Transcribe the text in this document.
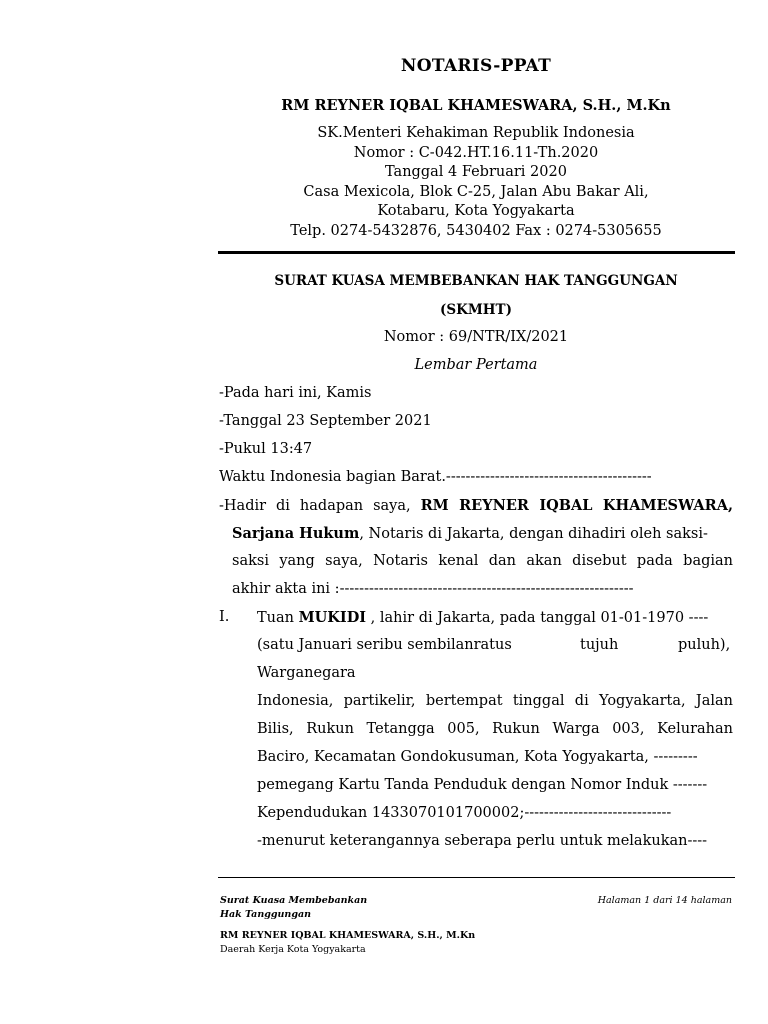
NOTARIS-PPAT
RM REYNER IQBAL KHAMESWARA, S.H., M.Kn
SK.Menteri Kehakiman Republik Indonesia
Nomor : C-042.HT.16.11-Th.2020
Tanggal 4 Februari 2020
Casa Mexicola, Blok C-25, Jalan Abu Bakar Ali,
Kotabaru, Kota Yogyakarta
Telp. 0274-5432876, 5430402 Fax : 0274-5305655
SURAT KUASA MEMBEBANKAN HAK TANGGUNGAN
(SKMHT)
Nomor : 69/NTR/IX/2021
Lembar Pertama
-Pada hari ini, Kamis
-Tanggal 23 September 2021
-Pukul 13:47
Waktu Indonesia bagian Barat.------------------------------------------
-Hadir di hadapan saya, RM REYNER IQBAL KHAMESWARA,
Sarjana Hukum, Notaris di Jakarta, dengan dihadiri oleh saksi-
saksi yang saya, Notaris kenal dan akan disebut pada bagian
akhir akta ini :------------------------------------------------------------
I. Tuan MUKIDI , lahir di Jakarta, pada tanggal 01-01-1970 ----
(satu Januari seribu sembilanratus	tujuh	puluh),
Warganegara
Indonesia, partikelir, bertempat tinggal di Yogyakarta, Jalan
Bilis, Rukun Tetangga 005, Rukun Warga 003, Kelurahan
Baciro, Kecamatan Gondokusuman, Kota Yogyakarta, ---------
pemegang Kartu Tanda Penduduk dengan Nomor Induk -------
Kependudukan 1433070101700002;------------------------------
-menurut keterangannya seberapa perlu untuk melakukan----
Surat Kuasa Membebankan
Hak Tanggungan
Halaman 1 dari 14 halaman
RM REYNER IQBAL KHAMESWARA, S.H., M.Kn
Daerah Kerja Kota Yogyakarta
